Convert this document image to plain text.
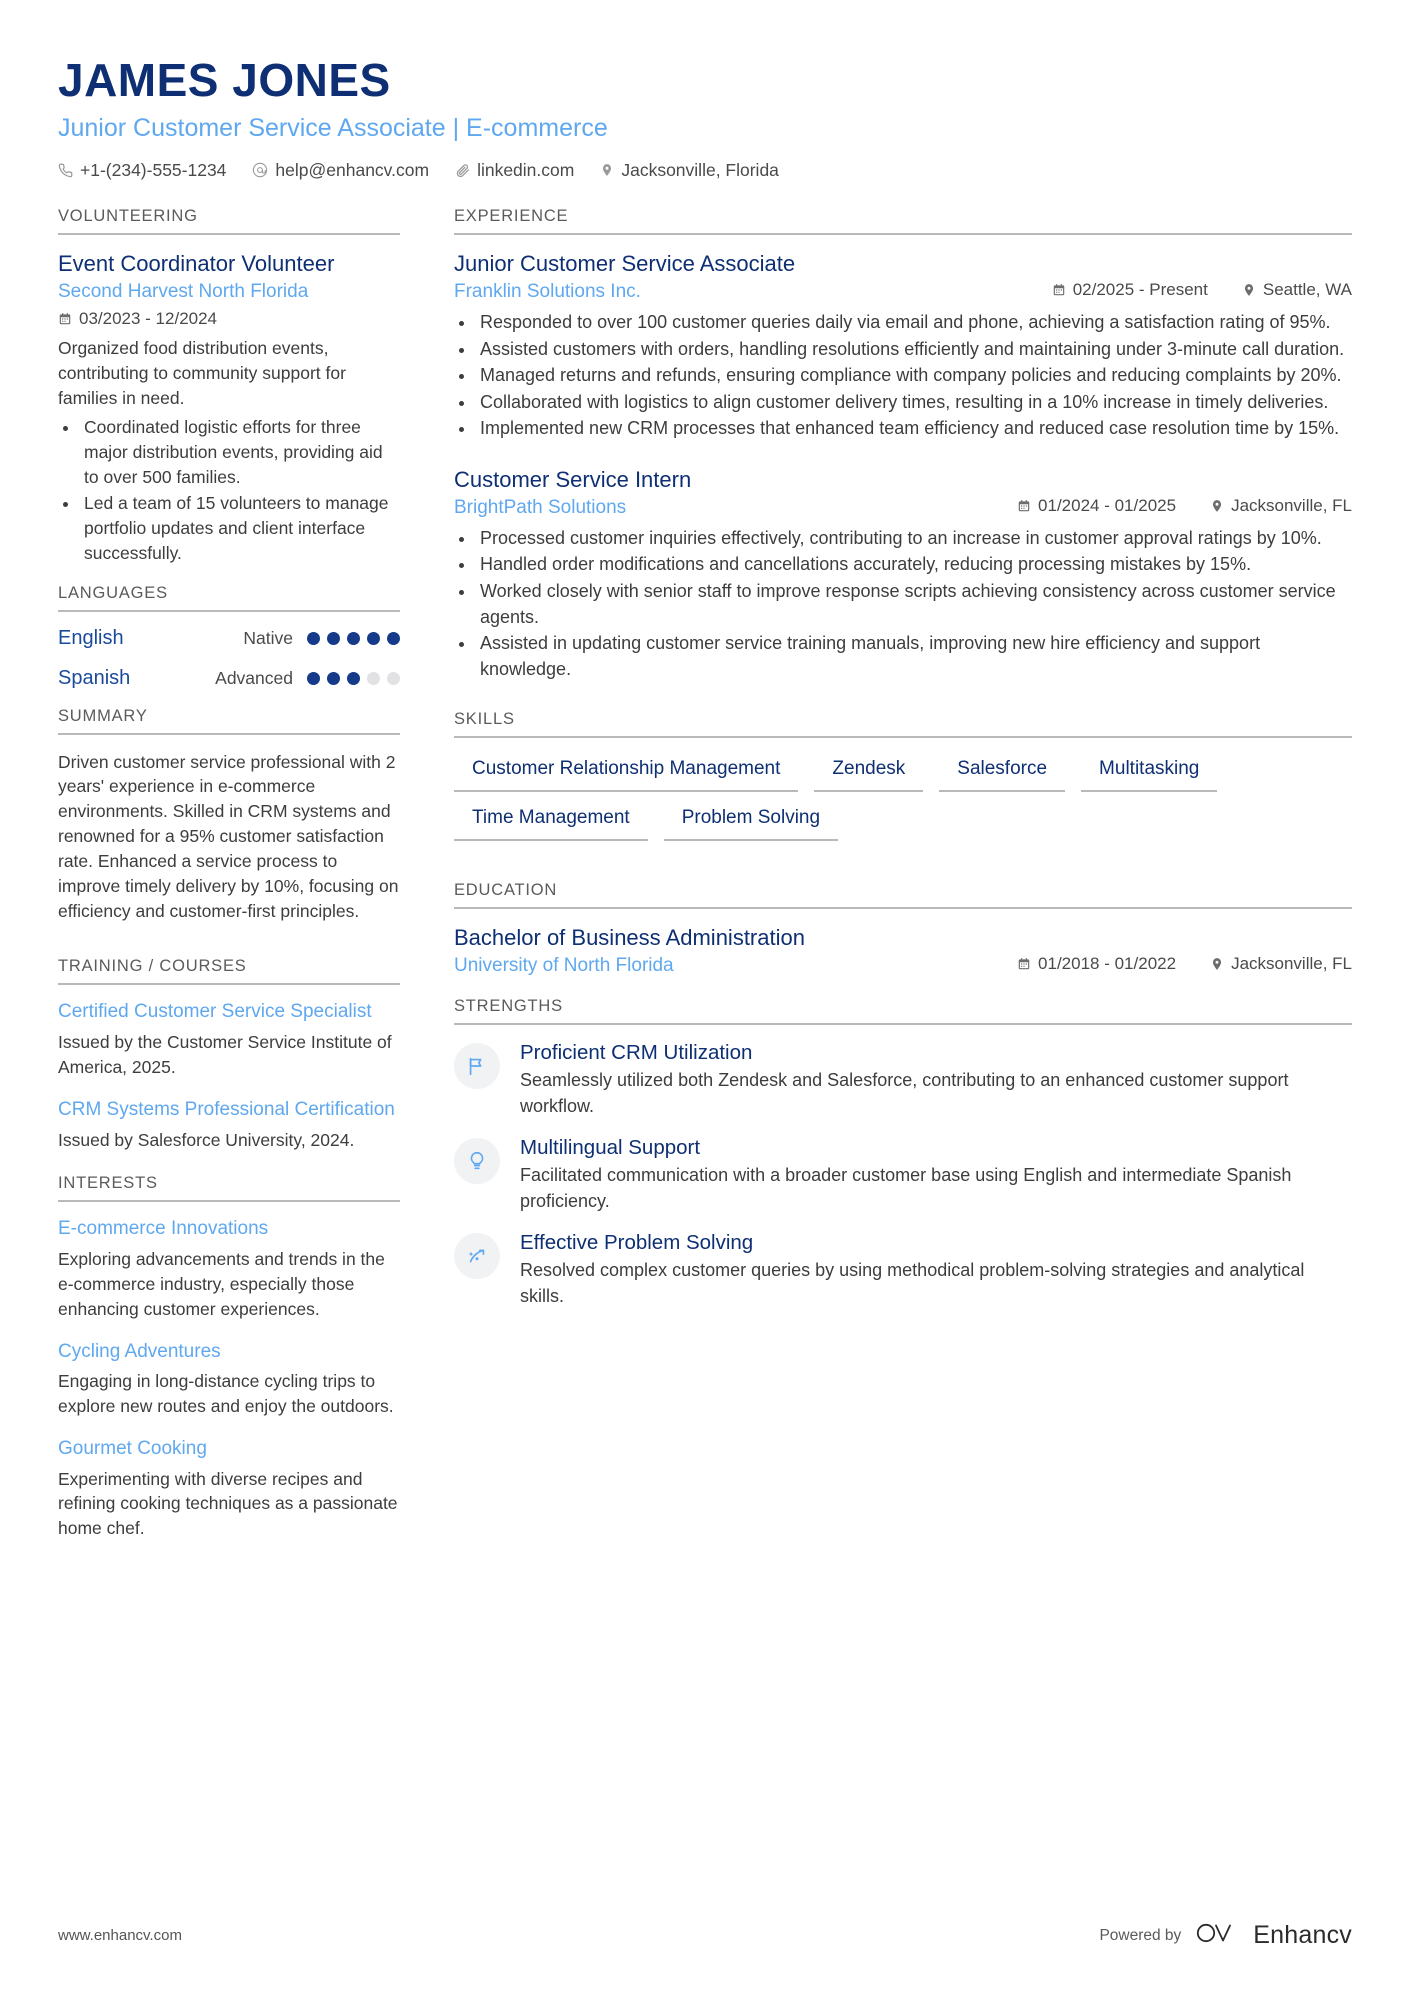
JAMES JONES
Junior Customer Service Associate | E-commerce
+1-(234)-555-1234	help@enhancv.com	linkedin.com	Jacksonville, Florida
VOLUNTEERING
Event Coordinator Volunteer
Second Harvest North Florida
03/2023 - 12/2024
Organized food distribution events, contributing to community support for families in need.
• Coordinated logistic efforts for three major distribution events, providing aid to over 500 families.
• Led a team of 15 volunteers to manage portfolio updates and client interface successfully.
LANGUAGES
English	Native
Spanish	Advanced
SUMMARY
Driven customer service professional with 2 years' experience in e-commerce environments. Skilled in CRM systems and renowned for a 95% customer satisfaction rate. Enhanced a service process to improve timely delivery by 10%, focusing on efficiency and customer-first principles.
TRAINING / COURSES
Certified Customer Service Specialist
Issued by the Customer Service Institute of America, 2025.
CRM Systems Professional Certification
Issued by Salesforce University, 2024.
INTERESTS
E-commerce Innovations
Exploring advancements and trends in the e-commerce industry, especially those enhancing customer experiences.
Cycling Adventures
Engaging in long-distance cycling trips to explore new routes and enjoy the outdoors.
Gourmet Cooking
Experimenting with diverse recipes and refining cooking techniques as a passionate home chef.
EXPERIENCE
Junior Customer Service Associate
Franklin Solutions Inc.	02/2025 - Present	Seattle, WA
• Responded to over 100 customer queries daily via email and phone, achieving a satisfaction rating of 95%.
• Assisted customers with orders, handling resolutions efficiently and maintaining under 3-minute call duration.
• Managed returns and refunds, ensuring compliance with company policies and reducing complaints by 20%.
• Collaborated with logistics to align customer delivery times, resulting in a 10% increase in timely deliveries.
• Implemented new CRM processes that enhanced team efficiency and reduced case resolution time by 15%.
Customer Service Intern
BrightPath Solutions	01/2024 - 01/2025	Jacksonville, FL
• Processed customer inquiries effectively, contributing to an increase in customer approval ratings by 10%.
• Handled order modifications and cancellations accurately, reducing processing mistakes by 15%.
• Worked closely with senior staff to improve response scripts achieving consistency across customer service agents.
• Assisted in updating customer service training manuals, improving new hire efficiency and support knowledge.
SKILLS
Customer Relationship Management	Zendesk	Salesforce	Multitasking
Time Management	Problem Solving
EDUCATION
Bachelor of Business Administration
University of North Florida	01/2018 - 01/2022	Jacksonville, FL
STRENGTHS
Proficient CRM Utilization
Seamlessly utilized both Zendesk and Salesforce, contributing to an enhanced customer support workflow.
Multilingual Support
Facilitated communication with a broader customer base using English and intermediate Spanish proficiency.
Effective Problem Solving
Resolved complex customer queries by using methodical problem-solving strategies and analytical skills.
www.enhancv.com	Powered by	Enhancv
